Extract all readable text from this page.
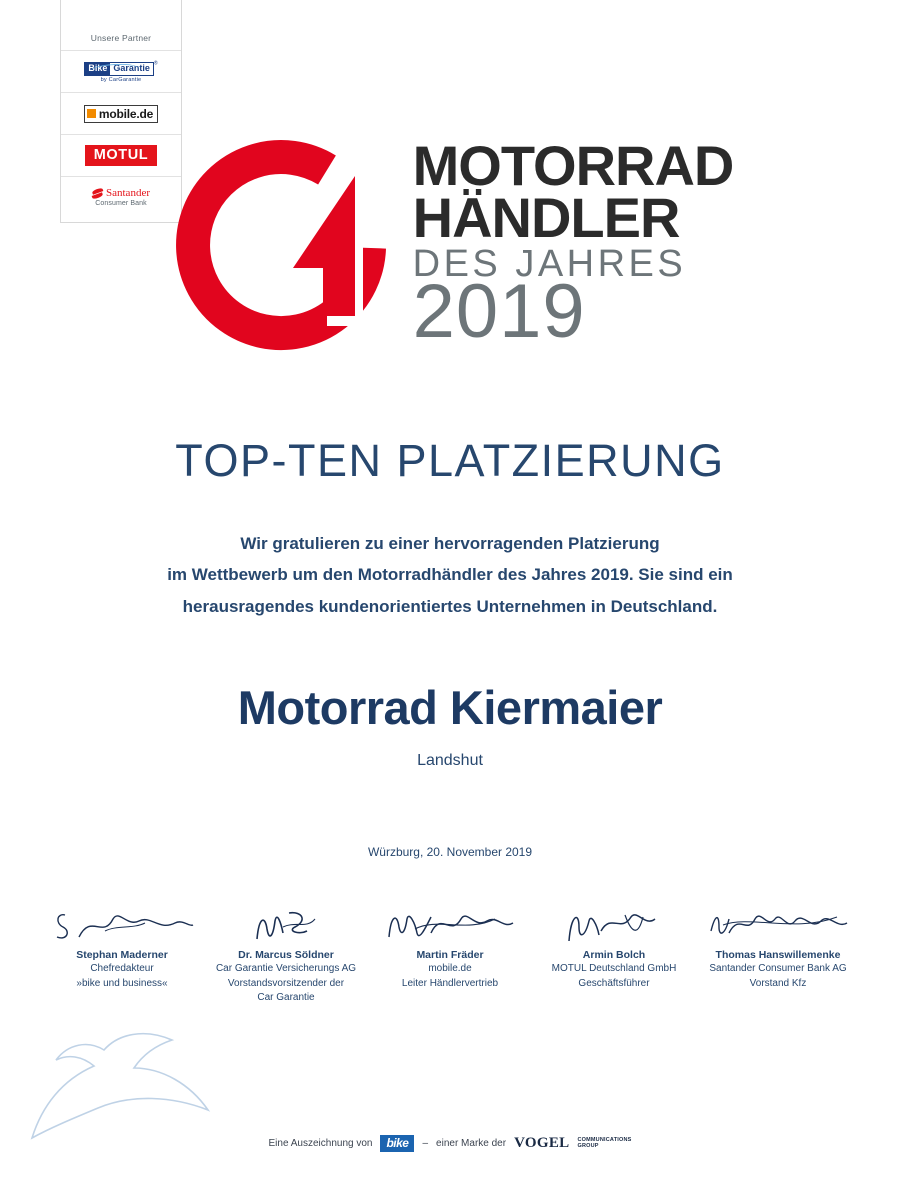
Unsere Partner
Bike Garantie ®
by CarGarantie
mobile.de
MOTUL
Santander
Consumer Bank
MOTORRAD
HÄNDLER
DES JAHRES
2019
TOP-TEN PLATZIERUNG
Wir gratulieren zu einer hervorragenden Platzierung
im Wettbewerb um den Motorradhändler des Jahres 2019. Sie sind ein
herausragendes kundenorientiertes Unternehmen in Deutschland.
Motorrad Kiermaier
Landshut
Würzburg, 20. November 2019
Stephan Maderner
Chefredakteur
»bike und business«
Dr. Marcus Söldner
Car Garantie Versicherungs AG
Vorstandsvorsitzender der
Car Garantie
Martin Fräder
mobile.de
Leiter Händlervertrieb
Armin Bolch
MOTUL Deutschland GmbH
Geschäftsführer
Thomas Hanswillemenke
Santander Consumer Bank AG
Vorstand Kfz
Eine Auszeichnung von	bike	– einer Marke der VOGEL COMMUNICATIONS
GROUP
